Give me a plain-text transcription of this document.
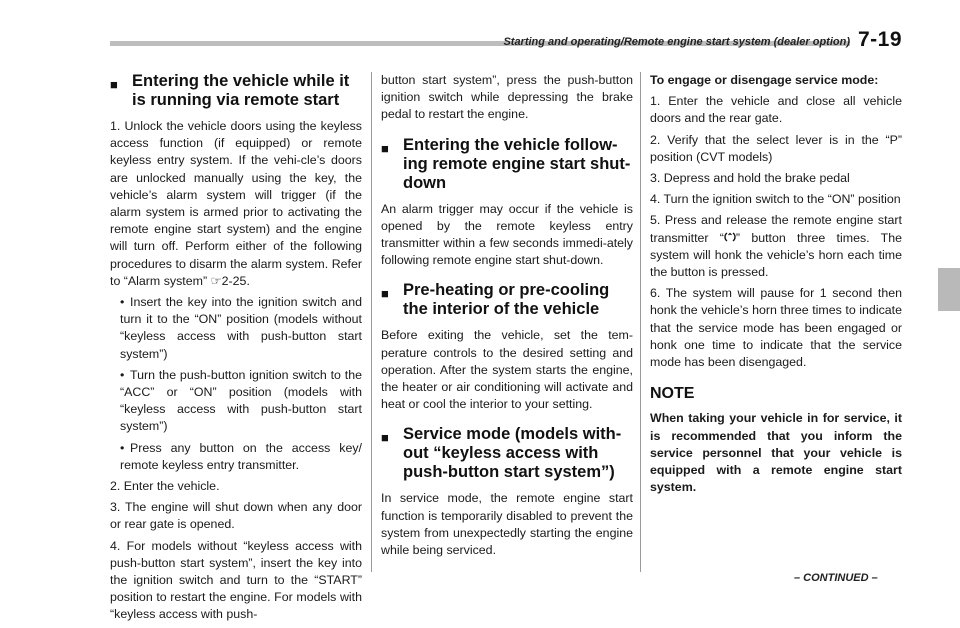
Starting and operating/Remote engine start system (dealer option) 7-19
■ Entering the vehicle while it is running via remote start

1. Unlock the vehicle doors using the keyless access function (if equipped) or remote keyless entry system. If the vehi-cle’s doors are unlocked manually using the key, the vehicle’s alarm system will trigger (if the alarm system is armed prior to activating the remote engine start system) and the engine will turn off. Perform either of the following procedures to disarm the alarm system. Refer to “Alarm system” ☞2-25.

• Insert the key into the ignition switch and turn it to the “ON” position (models without “keyless access with push-button start system”)

• Turn the push-button ignition switch to the “ACC” or “ON” position (models with “keyless access with push-button start system”)

• Press any button on the access key/ remote keyless entry transmitter.

2. Enter the vehicle.

3. The engine will shut down when any door or rear gate is opened.

4. For models without “keyless access with push-button start system”, insert the key into the ignition switch and turn to the “START” position to restart the engine. For models with “keyless access with push-

button start system”, press the push-button ignition switch while depressing the brake pedal to restart the engine.

■ Entering the vehicle follow-ing remote engine start shut-down

An alarm trigger may occur if the vehicle is opened by the remote keyless entry transmitter within a few seconds immedi-ately following remote engine start shut-down.

■ Pre-heating or pre-cooling the interior of the vehicle

Before exiting the vehicle, set the tem-perature controls to the desired setting and operation. After the system starts the engine, the heater or air conditioning will activate and heat or cool the interior to your setting.

■ Service mode (models with-out “keyless access with push-button start system”)

In service mode, the remote engine start function is temporarily disabled to prevent the system from unexpectedly starting the engine while being serviced.

To engage or disengage service mode:

1. Enter the vehicle and close all vehicle doors and the rear gate.

2. Verify that the select lever is in the “P” position (CVT models)

3. Depress and hold the brake pedal

4. Turn the ignition switch to the “ON” position

5. Press and release the remote engine start transmitter “ ” button three times. The system will honk the vehicle’s horn each time the button is pressed.

6. The system will pause for 1 second then honk the vehicle’s horn three times to indicate that the service mode has been engaged or honk one time to indicate that the service mode has been disengaged.

NOTE

When taking your vehicle in for service, it is recommended that you inform the service personnel that your vehicle is equipped with a remote engine start system.

– CONTINUED –
